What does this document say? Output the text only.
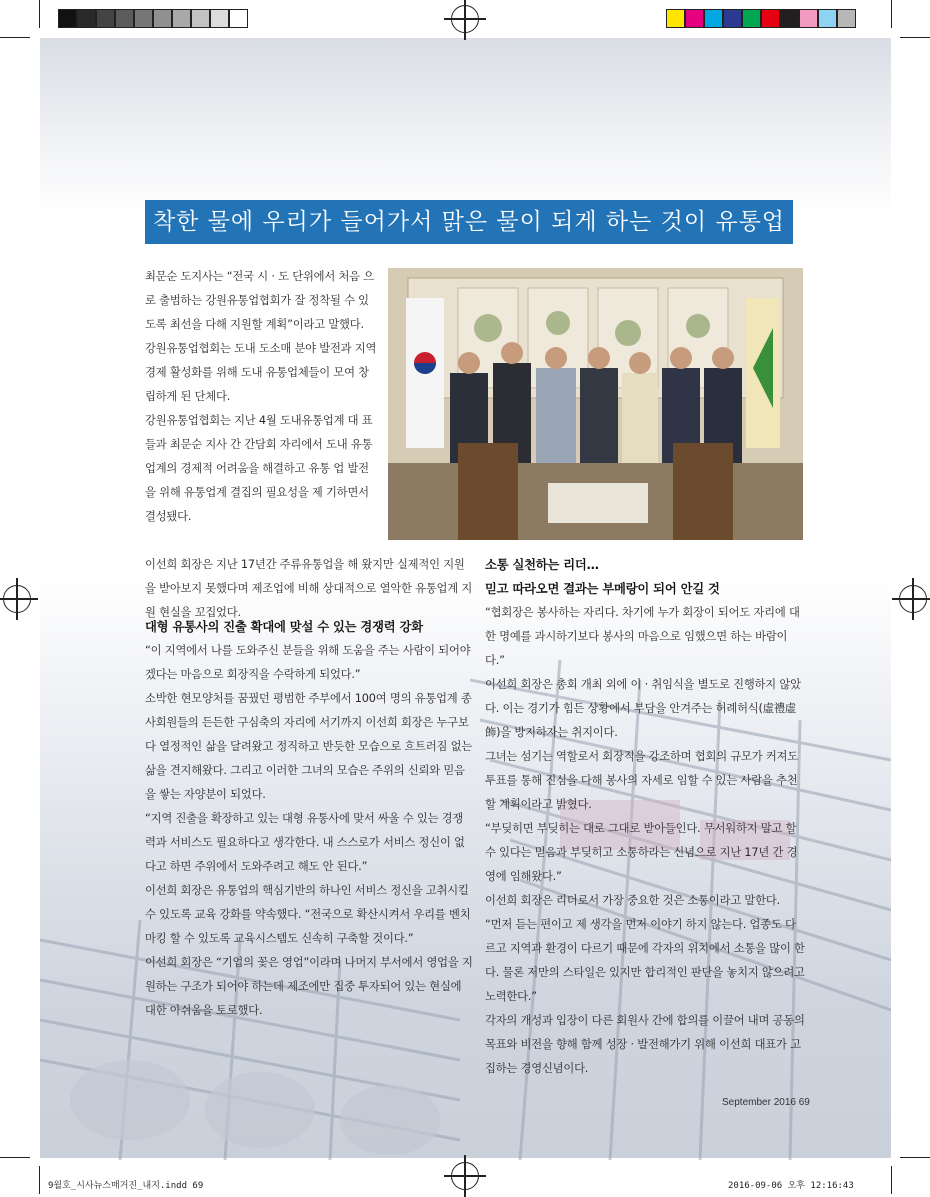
착한 물에 우리가 들어가서 맑은 물이 되게 하는 것이 유통업

최문순 도지사는 “전국 시 · 도 단위에서 처음 으로 출범하는 강원유통업협회가 잘 정착될 수 있도록 최선을 다해 지원할 계획”이라고 말했다.

강원유통업협회는 도내 도소매 분야 발전과 지역경제 활성화를 위해 도내 유통업체들이 모여 창립하게 된 단체다.

강원유통업협회는 지난 4월 도내유통업계 대 표들과 최문순 지사 간 간담회 자리에서 도내 유통업계의 경제적 어려움을 해결하고 유통 업 발전을 위해 유통업계 결집의 필요성을 제 기하면서 결성됐다.

이선희 회장은 지난 17년간 주류유통업을 해 왔지만 실제적인 지원을 받아보지 못했다며 제조업에 비해 상대적으로 열악한 유통업계 지원 현실을 꼬집었다.

대형 유통사의 진출 확대에 맞설 수 있는 경쟁력 강화

“이 지역에서 나를 도와주신 분들을 위해 도움을 주는 사람이 되어야겠다는 마음으로 회장직을 수락하게 되었다.”

소박한 현모양처를 꿈꿨던 평범한 주부에서 100여 명의 유통업계 종사회원들의 든든한 구심축의 자리에 서기까지 이선희 회장은 누구보다 열정적인 삶을 달려왔고 정직하고 반듯한 모습으로 흐트러짐 없는 삶을 견지해왔다. 그리고 이러한 그녀의 모습은 주위의 신뢰와 믿음을 쌓는 자양분이 되었다.

“지역 진출을 확장하고 있는 대형 유통사에 맞서 싸울 수 있는 경쟁력과 서비스도 필요하다고 생각한다. 내 스스로가 서비스 정신이 없다고 하면 주위에서 도와주려고 해도 안 된다.”

이선희 회장은 유통업의 핵심기반의 하나인 서비스 정신을 고취시킬 수 있도록 교육 강화를 약속했다. “전국으로 확산시켜서 우리를 벤치마킹 할 수 있도록 교육시스템도 신속히 구축할 것이다.”

이선희 회장은 “기업의 꽃은 영업”이라며 나머지 부서에서 영업을 지원하는 구조가 되어야 하는데 제조에만 집중 투자되어 있는 현실에 대한 아쉬움을 토로했다.

소통 실천하는 리더…
믿고 따라오면 결과는 부메랑이 되어 안길 것

“협회장은 봉사하는 자리다. 차기에 누가 회장이 되어도 자리에 대한 명예를 과시하기보다 봉사의 마음으로 임했으면 하는 바람이다.”

이선희 회장은 총회 개최 외에 이 · 취임식을 별도로 진행하지 않았다. 이는 경기가 힘든 상황에서 부담을 안겨주는 허례허식(虛禮虛飾)을 방지하자는 취지이다.

그녀는 섬기는 역할로서 회장직을 강조하며 협회의 규모가 커져도 투표를 통해 진심을 다해 봉사의 자세로 임할 수 있는 사람을 추천할 계획이라고 밝혔다.

“부딪히면 부딪히는 대로 그대로 받아들인다. 무서워하지 말고 할 수 있다는 믿음과 부딪히고 소통하라는 신념으로 지난 17년 간 경영에 임해왔다.”

이선희 회장은 리더로서 가장 중요한 것은 소통이라고 말한다.

“먼저 듣는 편이고 제 생각을 먼저 이야기 하지 않는다. 업종도 다르고 지역과 환경이 다르기 때문에 각자의 위치에서 소통을 많이 한다. 물론 저만의 스타일은 있지만 합리적인 판단을 놓치지 않으려고 노력한다.”

각자의 개성과 입장이 다른 회원사 간에 합의를 이끌어 내며 공동의 목표와 비전을 향해 함께 성장 · 발전해가기 위해 이선희 대표가 고집하는 경영신념이다.

September 2016 69
9월호_시사뉴스매거진_내지.indd 69	2016-09-06 오후 12:16:43
